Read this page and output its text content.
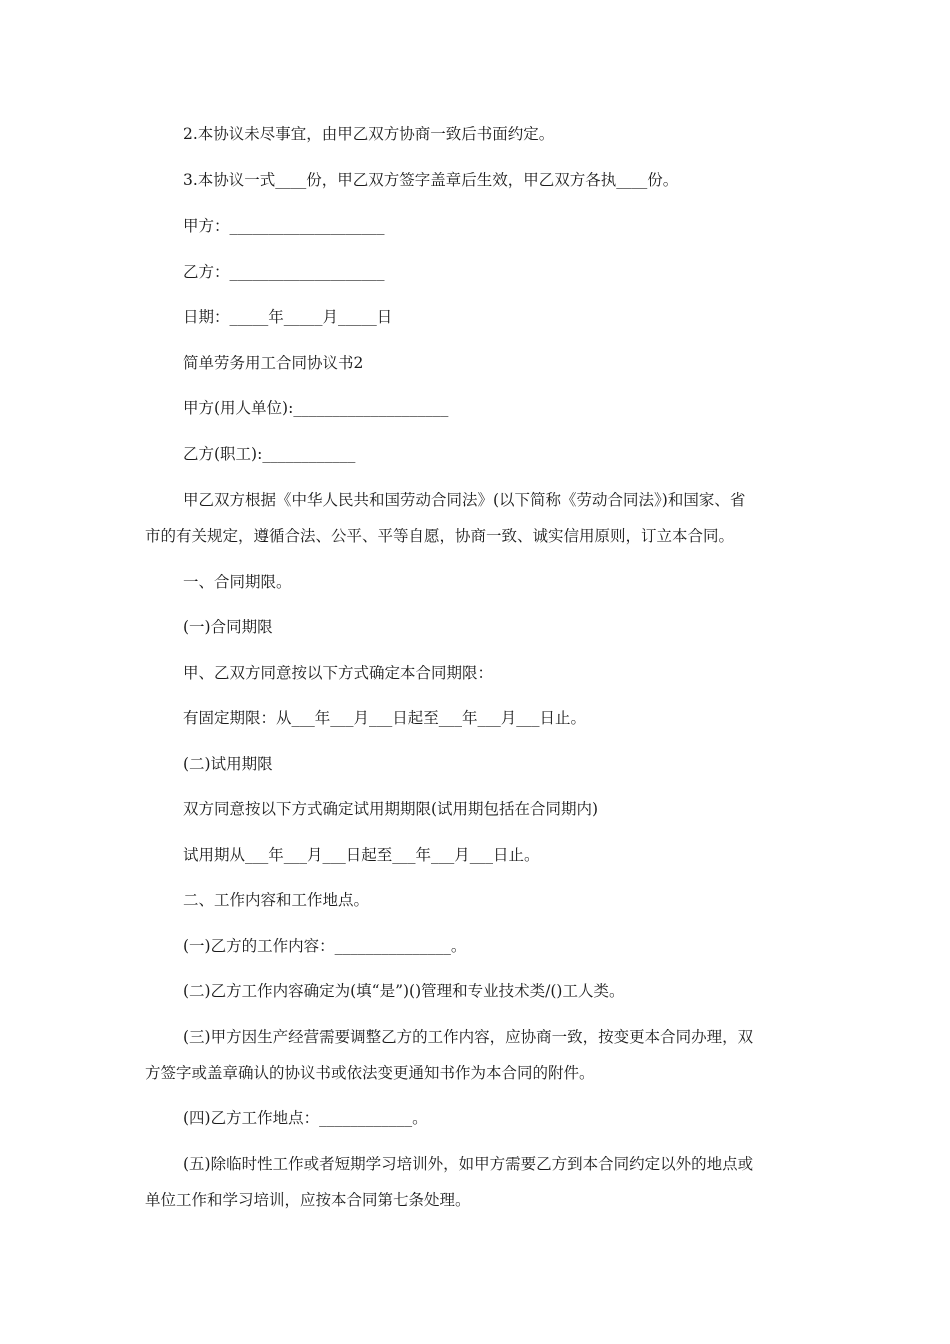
2.本协议未尽事宜，由甲乙双方协商一致后书面约定。

3.本协议一式____份，甲乙双方签字盖章后生效，甲乙双方各执____份。

甲方：____________________

乙方：____________________

日期：_____年_____月_____日

简单劳务用工合同协议书2

甲方(用人单位):____________________

乙方(职工):____________

甲乙双方根据《中华人民共和国劳动合同法》(以下简称《劳动合同法》)和国家、省

市的有关规定，遵循合法、公平、平等自愿，协商一致、诚实信用原则，订立本合同。

一、合同期限。

(一)合同期限

甲、乙双方同意按以下方式确定本合同期限：

有固定期限：从___年___月___日起至___年___月___日止。

(二)试用期限

双方同意按以下方式确定试用期期限(试用期包括在合同期内)

试用期从___年___月___日起至___年___月___日止。

二、工作内容和工作地点。

(一)乙方的工作内容：_______________。

(二)乙方工作内容确定为(填“是”)()管理和专业技术类/()工人类。

(三)甲方因生产经营需要调整乙方的工作内容，应协商一致，按变更本合同办理，双

方签字或盖章确认的协议书或依法变更通知书作为本合同的附件。

(四)乙方工作地点：____________。

(五)除临时性工作或者短期学习培训外，如甲方需要乙方到本合同约定以外的地点或

单位工作和学习培训，应按本合同第七条处理。
